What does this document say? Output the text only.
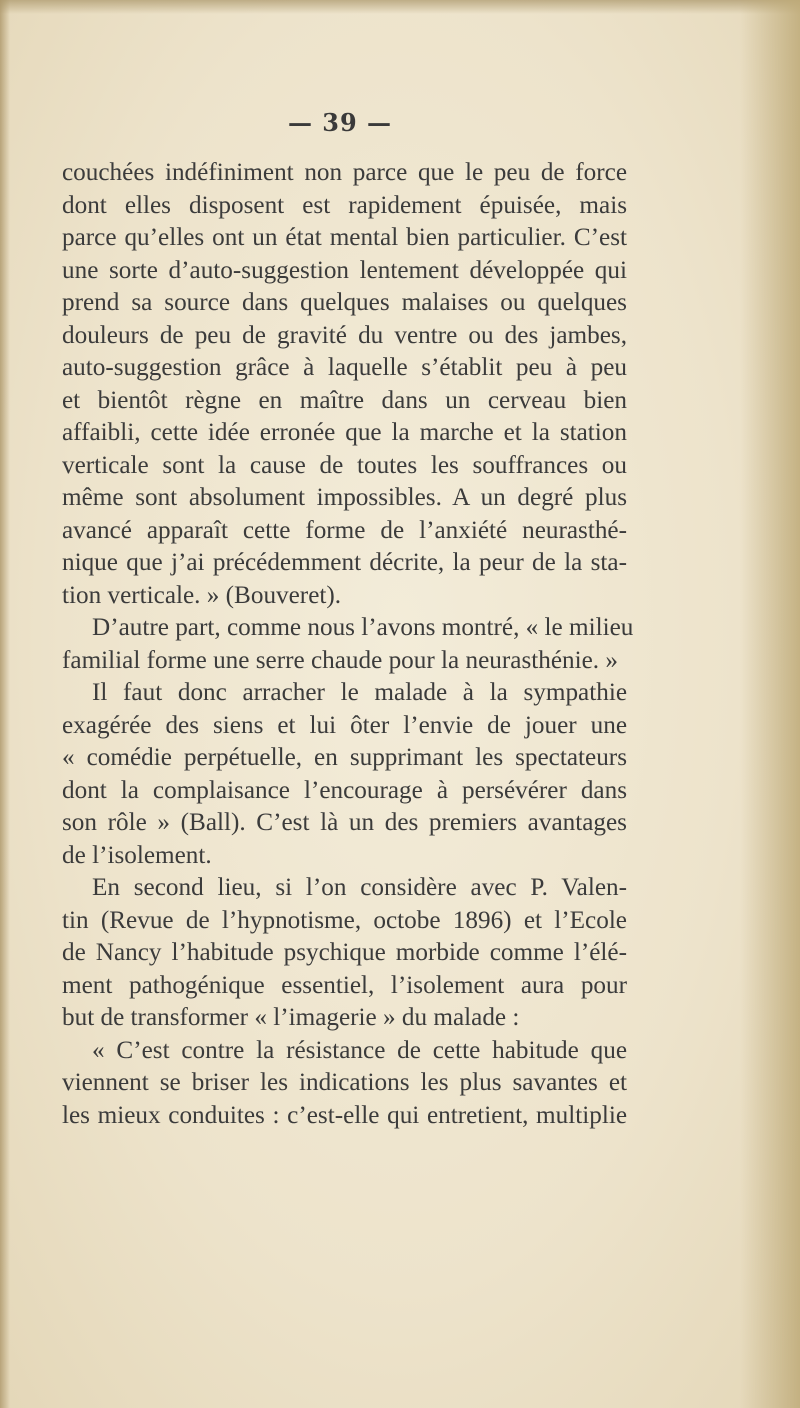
— 39 —
couchées indéfiniment non parce que le peu de force
dont elles disposent est rapidement épuisée, mais
parce qu’elles ont un état mental bien particulier. C’est
une sorte d’auto-suggestion lentement développée qui
prend sa source dans quelques malaises ou quelques
douleurs de peu de gravité du ventre ou des jambes,
auto-suggestion grâce à laquelle s’établit peu à peu
et bientôt règne en maître dans un cerveau bien
affaibli, cette idée erronée que la marche et la station
verticale sont la cause de toutes les souffrances ou
même sont absolument impossibles. A un degré plus
avancé apparaît cette forme de l’anxiété neurasthé-
nique que j’ai précédemment décrite, la peur de la sta-
tion verticale. » (Bouveret).
D’autre part, comme nous l’avons montré, « le milieu
familial forme une serre chaude pour la neurasthénie. »
Il faut donc arracher le malade à la sympathie
exagérée des siens et lui ôter l’envie de jouer une
« comédie perpétuelle, en supprimant les spectateurs
dont la complaisance l’encourage à persévérer dans
son rôle » (Ball). C’est là un des premiers avantages
de l’isolement.
En second lieu, si l’on considère avec P. Valen-
tin (Revue de l’hypnotisme, octobe 1896) et l’Ecole
de Nancy l’habitude psychique morbide comme l’élé-
ment pathogénique essentiel, l’isolement aura pour
but de transformer « l’imagerie » du malade :
« C’est contre la résistance de cette habitude que
viennent se briser les indications les plus savantes et
les mieux conduites : c’est-elle qui entretient, multiplie
